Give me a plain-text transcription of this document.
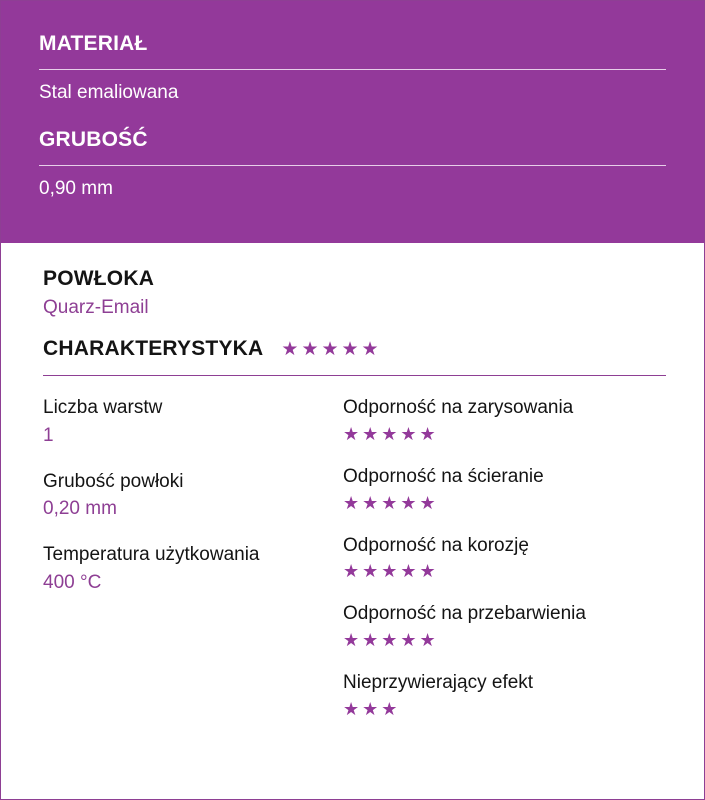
MATERIAŁ
Stal emaliowana
GRUBOŚĆ
0,90 mm
POWŁOKA
Quarz-Email
CHARAKTERYSTYKA ★★★★★
Liczba warstw
1
Grubość powłoki
0,20 mm
Temperatura użytkowania
400 °C
Odporność na zarysowania
★★★★★
Odporność na ścieranie
★★★★★
Odporność na korozję
★★★★★
Odporność na przebarwienia
★★★★★
Nieprzywierający efekt
★★★
